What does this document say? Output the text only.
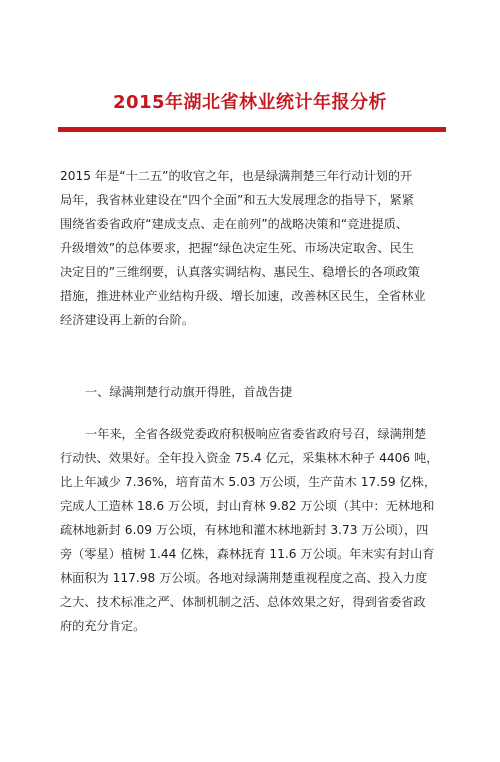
2015年湖北省林业统计年报分析
2015 年是“十二五”的收官之年，也是绿满荆楚三年行动计划的开
局年，我省林业建设在“四个全面”和五大发展理念的指导下，紧紧
围绕省委省政府“建成支点、走在前列”的战略决策和“竞进提质、
升级增效”的总体要求，把握“绿色决定生死、市场决定取舍、民生
决定目的”三维纲要，认真落实调结构、惠民生、稳增长的各项政策
措施，推进林业产业结构升级、增长加速，改善林区民生，全省林业
经济建设再上新的台阶。
一、绿满荆楚行动旗开得胜，首战告捷
一年来，全省各级党委政府积极响应省委省政府号召，绿满荆楚
行动快、效果好。全年投入资金 75.4 亿元，采集林木种子 4406 吨，
比上年减少 7.36%，培育苗木 5.03 万公顷，生产苗木 17.59 亿株，
完成人工造林 18.6 万公顷，封山育林 9.82 万公顷（其中：无林地和
疏林地新封 6.09 万公顷，有林地和灌木林地新封 3.73 万公顷），四
旁（零星）植树 1.44 亿株，森林抚育 11.6 万公顷。年末实有封山育
林面积为 117.98 万公顷。各地对绿满荆楚重视程度之高、投入力度
之大、技术标准之严、体制机制之活、总体效果之好，得到省委省政
府的充分肯定。
